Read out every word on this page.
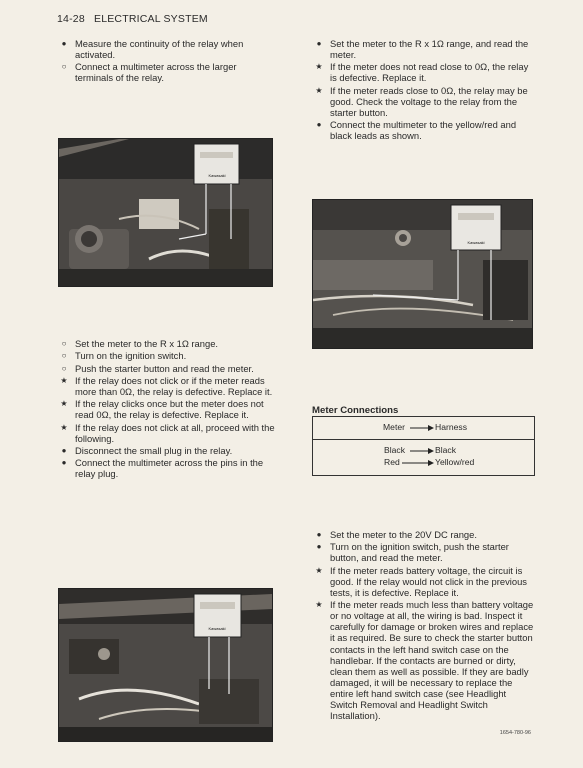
14-28 ELECTRICAL SYSTEM
●
Measure the continuity of the relay when activated.
○
Connect a multimeter across the larger terminals of the relay.
●
Set the meter to the R x 1Ω range, and read the meter.
★
If the meter does not read close to 0Ω, the relay is defective. Replace it.
★
If the meter reads close to 0Ω, the relay may be good. Check the voltage to the relay from the starter button.
●
Connect the multimeter to the yellow/red and black leads as shown.
Kawasaki
Kawasaki
○
Set the meter to the R x 1Ω range.
○
Turn on the ignition switch.
○
Push the starter button and read the meter.
★
If the relay does not click or if the meter reads more than 0Ω, the relay is defective. Replace it.
★
If the relay clicks once but the meter does not read 0Ω, the relay is defective. Replace it.
★
If the relay does not click at all, proceed with the following.
●
Disconnect the small plug in the relay.
●
Connect the multimeter across the pins in the relay plug.
Meter Connections
Meter	Harness
Black	Black
Red	Yellow/red
●
Set the meter to the 20V DC range.
●
Turn on the ignition switch, push the starter button, and read the meter.
★
If the meter reads battery voltage, the circuit is good. If the relay would not click in the previous tests, it is defective. Replace it.
★
If the meter reads much less than battery voltage or no voltage at all, the wiring is bad. Inspect it carefully for damage or broken wires and replace it as required. Be sure to check the starter button contacts in the left hand switch case on the handlebar. If the contacts are burned or dirty, clean them as well as possible. If they are badly damaged, it will be necessary to replace the entire left hand switch case (see Headlight Switch Removal and Headlight Switch Installation).
Kawasaki
1654-780-96
